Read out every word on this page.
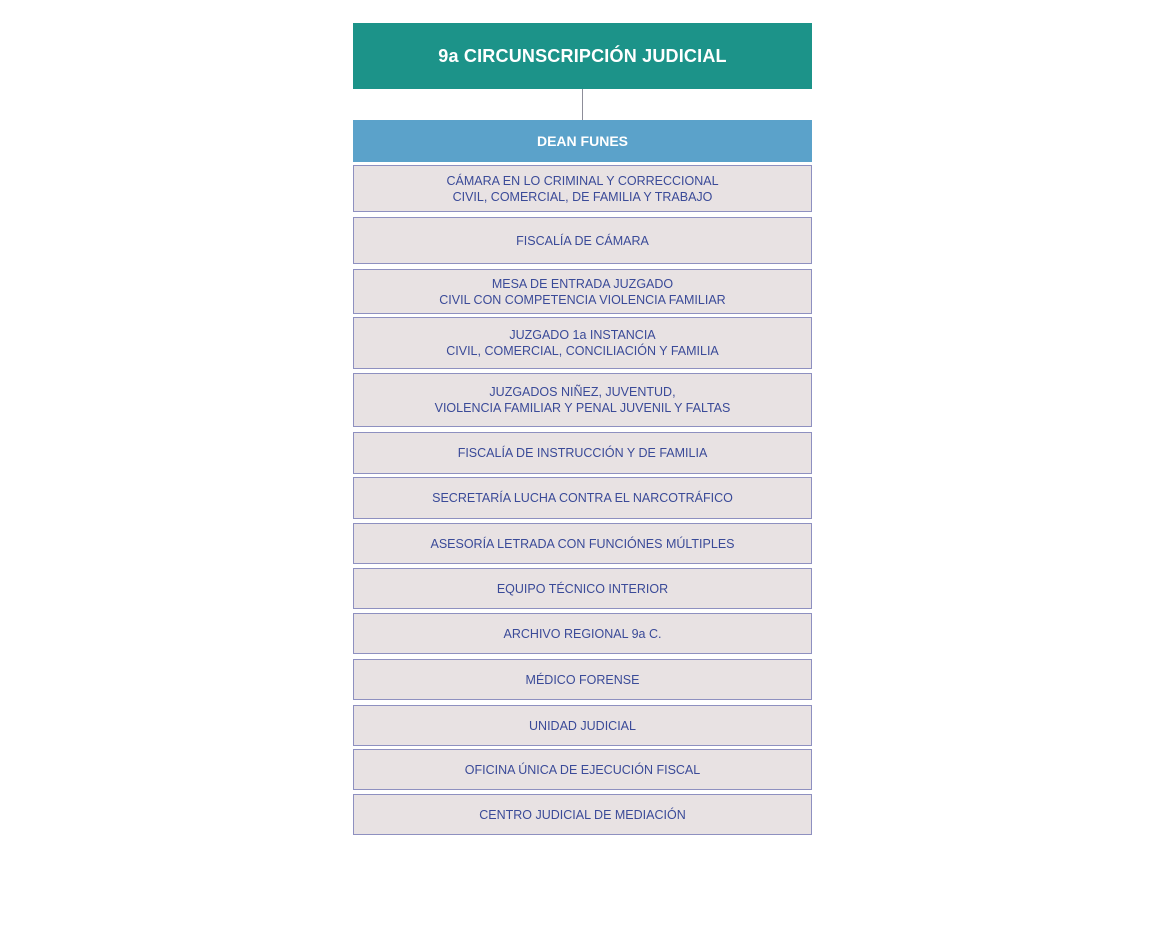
9a CIRCUNSCRIPCIÓN JUDICIAL
DEAN FUNES
CÁMARA EN LO CRIMINAL Y CORRECCIONAL
CIVIL, COMERCIAL, DE FAMILIA Y TRABAJO
FISCALÍA DE CÁMARA
MESA DE ENTRADA JUZGADO
CIVIL CON COMPETENCIA VIOLENCIA FAMILIAR
JUZGADO 1a INSTANCIA
CIVIL, COMERCIAL, CONCILIACIÓN Y FAMILIA
JUZGADOS NIÑEZ, JUVENTUD,
VIOLENCIA FAMILIAR Y PENAL JUVENIL Y FALTAS
FISCALÍA DE INSTRUCCIÓN Y DE FAMILIA
SECRETARÍA LUCHA CONTRA EL NARCOTRÁFICO
ASESORÍA LETRADA CON FUNCIÓNES MÚLTIPLES
EQUIPO TÉCNICO INTERIOR
ARCHIVO REGIONAL 9a C.
MÉDICO FORENSE
UNIDAD JUDICIAL
OFICINA ÚNICA DE EJECUCIÓN FISCAL
CENTRO JUDICIAL DE MEDIACIÓN
